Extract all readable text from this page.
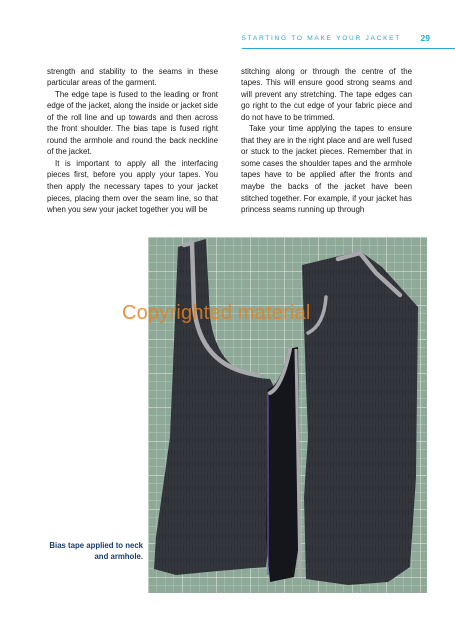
STARTING TO MAKE YOUR JACKET 29

strength and stability to the seams in these particular areas of the garment.

The edge tape is fused to the leading or front edge of the jacket, along the inside or jacket side of the roll line and up towards and then across the front shoulder. The bias tape is fused right round the armhole and round the back neckline of the jacket.

It is important to apply all the interfacing pieces first, before you apply your tapes. You then apply the necessary tapes to your jacket pieces, placing them over the seam line, so that when you sew your jacket together you will be

stitching along or through the centre of the tapes. This will ensure good strong seams and will prevent any stretching. The tape edges can go right to the cut edge of your fabric piece and do not have to be trimmed.

Take your time applying the tapes to ensure that they are in the right place and are well fused or stuck to the jacket pieces. Remember that in some cases the shoulder tapes and the armhole tapes have to be applied after the fronts and maybe the backs of the jacket have been stitched together. For example, if your jacket has princess seams running up through

Copyrighted material
Bias tape applied to neck
and armhole.
